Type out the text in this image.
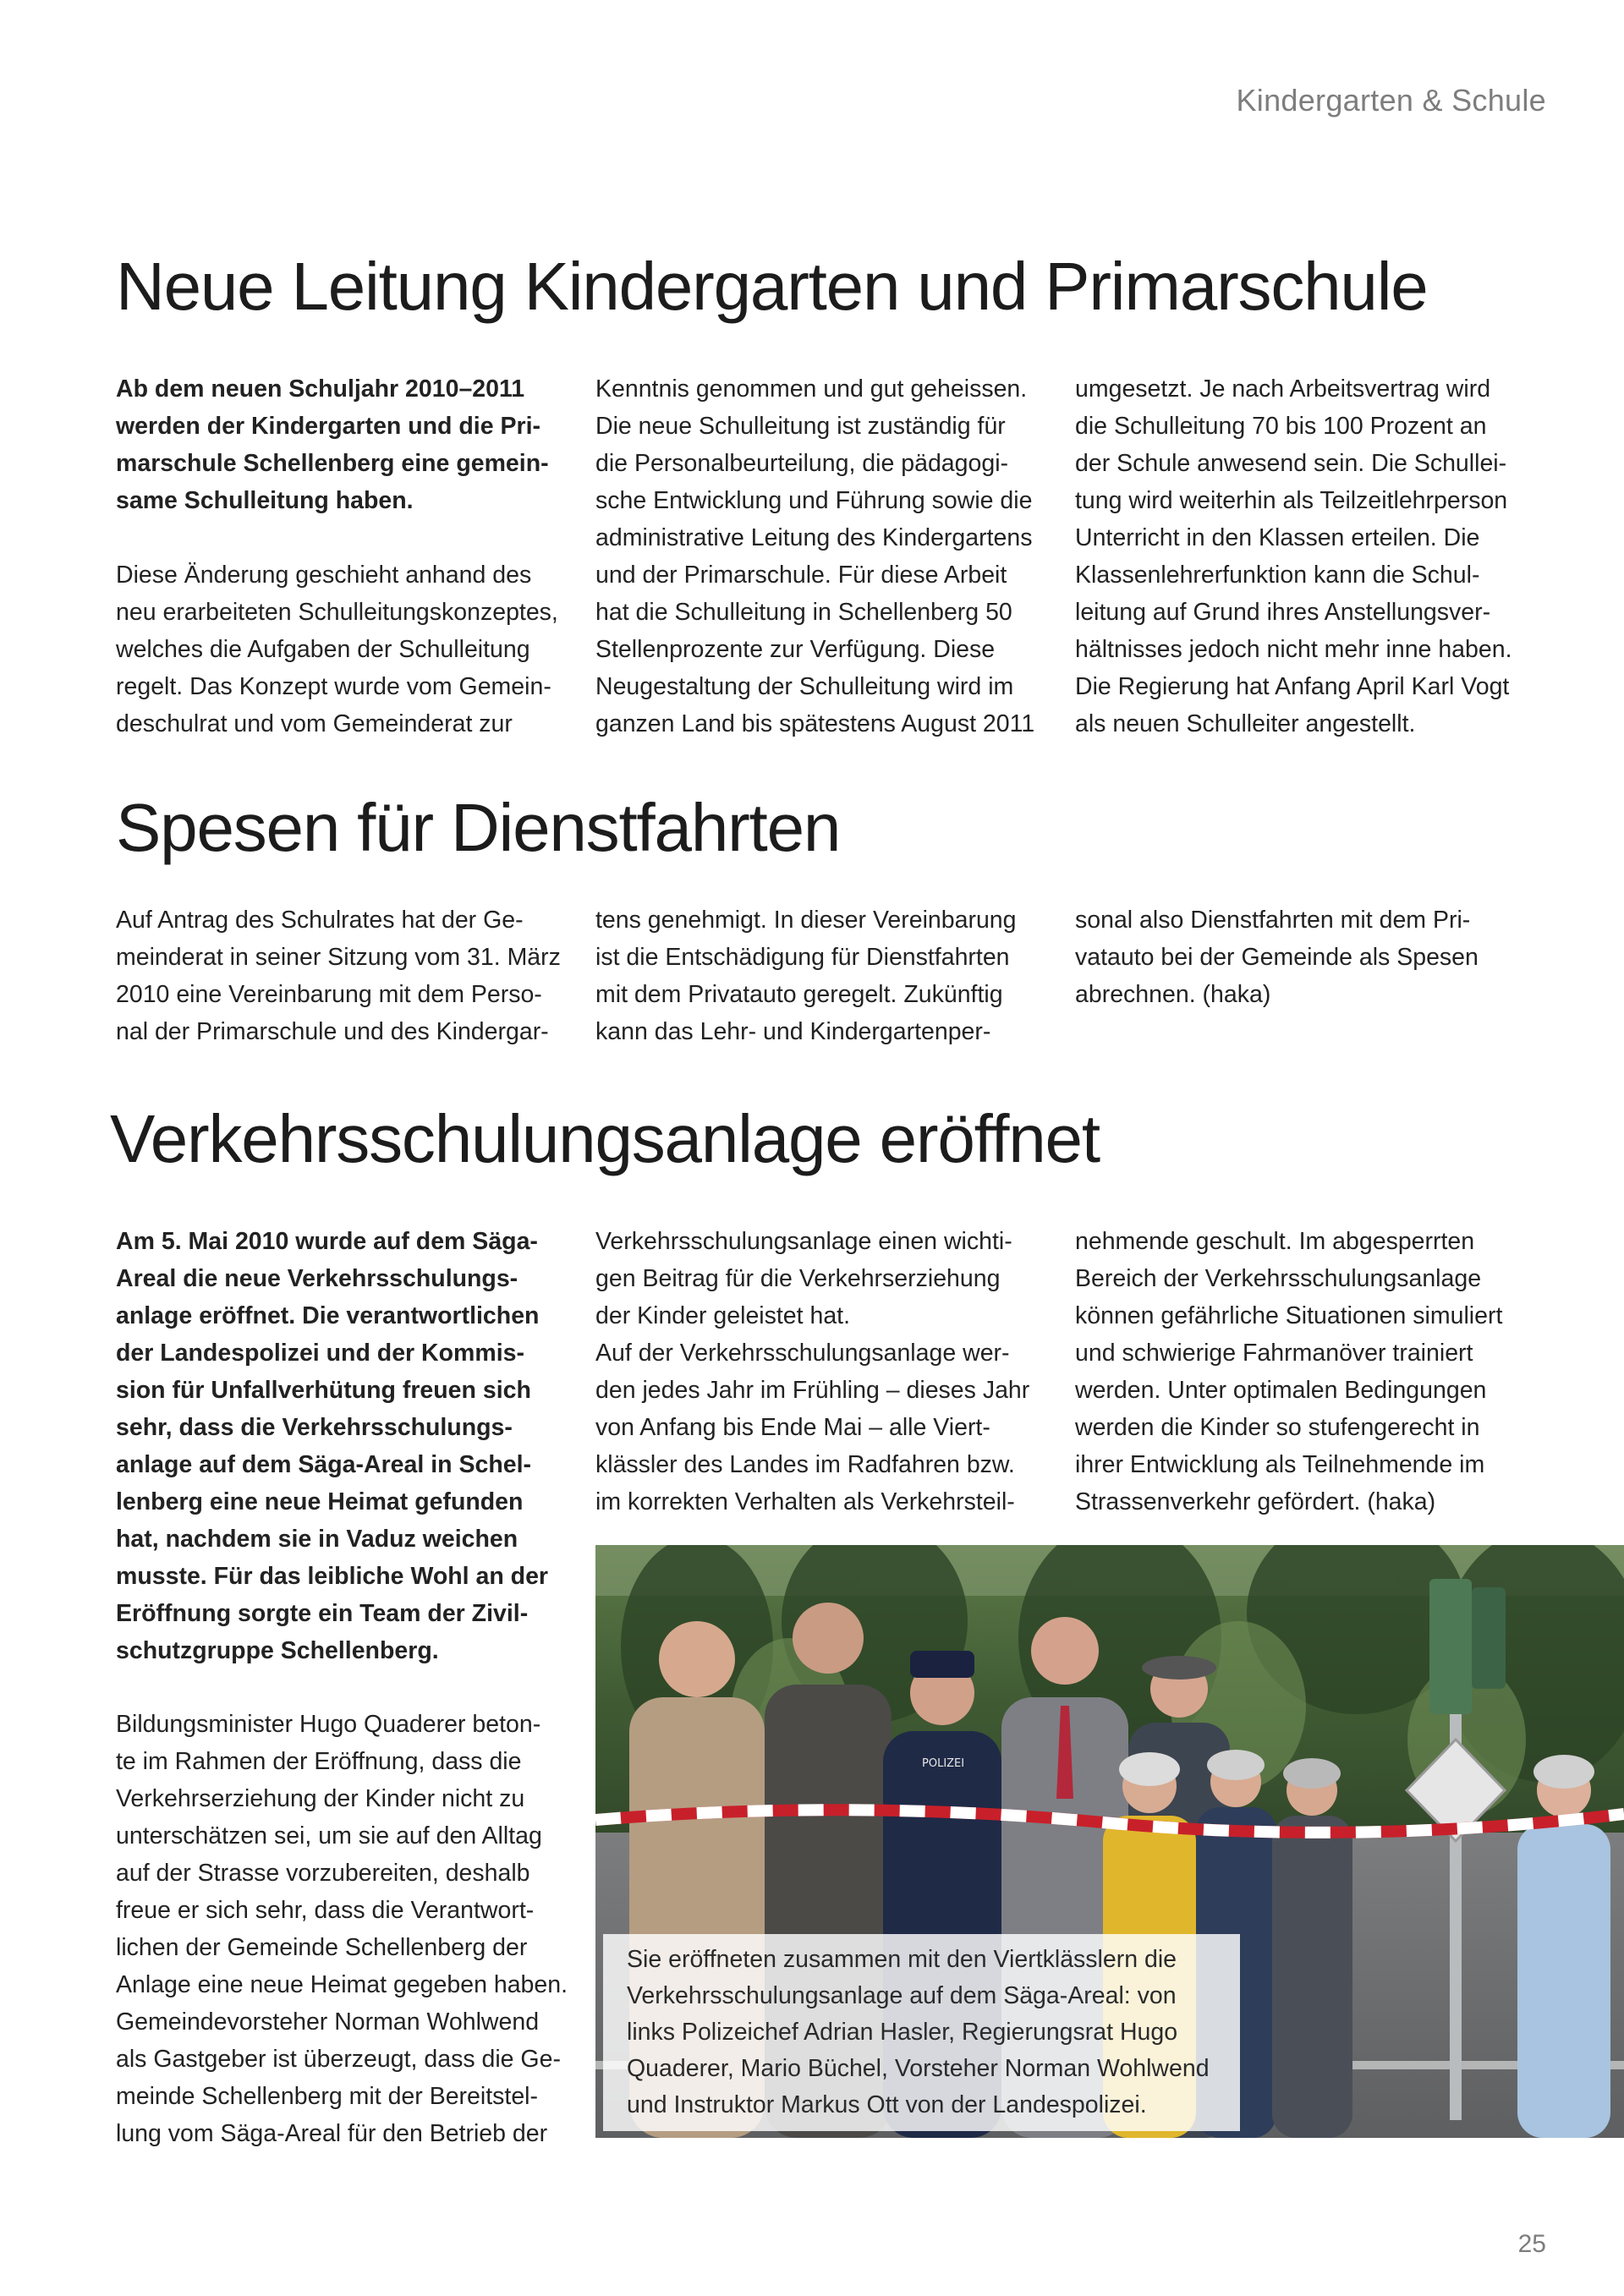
Kindergarten & Schule
Neue Leitung Kindergarten und Primarschule
Ab dem neuen Schuljahr 2010–2011
werden der Kindergarten und die Pri-
marschule Schellenberg eine gemein-
same Schulleitung haben.
Diese Änderung geschieht anhand des
neu erarbeiteten Schulleitungskonzeptes,
welches die Aufgaben der Schulleitung
regelt. Das Konzept wurde vom Gemein-
deschulrat und vom Gemeinderat zur
Kenntnis genommen und gut geheissen.
Die neue Schulleitung ist zuständig für
die Personalbeurteilung, die pädagogi-
sche Entwicklung und Führung sowie die
administrative Leitung des Kindergartens
und der Primarschule. Für diese Arbeit
hat die Schulleitung in Schellenberg 50
Stellenprozente zur Verfügung. Diese
Neugestaltung der Schulleitung wird im
ganzen Land bis spätestens August 2011
umgesetzt. Je nach Arbeitsvertrag wird
die Schulleitung 70 bis 100 Prozent an
der Schule anwesend sein. Die Schullei-
tung wird weiterhin als Teilzeitlehrperson
Unterricht in den Klassen erteilen. Die
Klassenlehrerfunktion kann die Schul-
leitung auf Grund ihres Anstellungsver-
hältnisses jedoch nicht mehr inne haben.
Die Regierung hat Anfang April Karl Vogt
als neuen Schulleiter angestellt.
Spesen für Dienstfahrten
Auf Antrag des Schulrates hat der Ge-
meinderat in seiner Sitzung vom 31. März
2010 eine Vereinbarung mit dem Perso-
nal der Primarschule und des Kindergar-
tens genehmigt. In dieser Vereinbarung
ist die Entschädigung für Dienstfahrten
mit dem Privatauto geregelt. Zukünftig
kann das Lehr- und Kindergartenper-
sonal also Dienstfahrten mit dem Pri-
vatauto bei der Gemeinde als Spesen
abrechnen. (haka)
Verkehrsschulungsanlage eröffnet
Am 5. Mai 2010 wurde auf dem Säga-
Areal die neue Verkehrsschulungs-
anlage eröffnet. Die verantwortlichen
der Landespolizei und der Kommis-
sion für Unfallverhütung freuen sich
sehr, dass die Verkehrsschulungs-
anlage auf dem Säga-Areal in Schel-
lenberg eine neue Heimat gefunden
hat, nachdem sie in Vaduz weichen
musste. Für das leibliche Wohl an der
Eröffnung sorgte ein Team der Zivil-
schutzgruppe Schellenberg.
Bildungsminister Hugo Quaderer beton-
te im Rahmen der Eröffnung, dass die
Verkehrserziehung der Kinder nicht zu
unterschätzen sei, um sie auf den Alltag
auf der Strasse vorzubereiten, deshalb
freue er sich sehr, dass die Verantwort-
lichen der Gemeinde Schellenberg der
Anlage eine neue Heimat gegeben haben.
Gemeindevorsteher Norman Wohlwend
als Gastgeber ist überzeugt, dass die Ge-
meinde Schellenberg mit der Bereitstel-
lung vom Säga-Areal für den Betrieb der
Verkehrsschulungsanlage einen wichti-
gen Beitrag für die Verkehrserziehung
der Kinder geleistet hat.
Auf der Verkehrsschulungsanlage wer-
den jedes Jahr im Frühling – dieses Jahr
von Anfang bis Ende Mai – alle Viert-
klässler des Landes im Radfahren bzw.
im korrekten Verhalten als Verkehrsteil-
nehmende geschult. Im abgesperrten
Bereich der Verkehrsschulungsanlage
können gefährliche Situationen simuliert
und schwierige Fahrmanöver trainiert
werden. Unter optimalen Bedingungen
werden die Kinder so stufengerecht in
ihrer Entwicklung als Teilnehmende im
Strassenverkehr gefördert. (haka)
POLIZEI
Sie eröffneten zusammen mit den Viertklässlern die
Verkehrsschulungsanlage auf dem Säga-Areal: von
links Polizeichef Adrian Hasler, Regierungsrat Hugo
Quaderer, Mario Büchel, Vorsteher Norman Wohlwend
und Instruktor Markus Ott von der Landespolizei.
25
